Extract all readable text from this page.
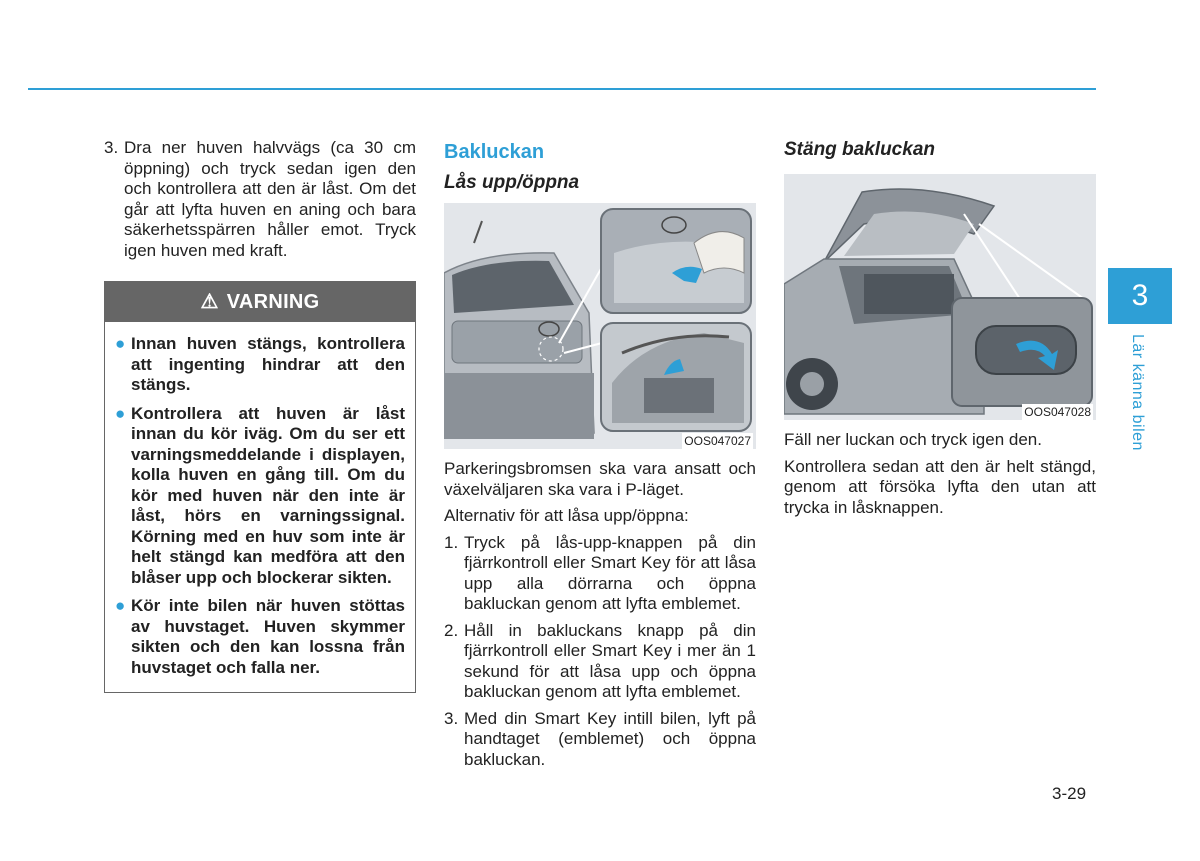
3. Dra ner huven halvvägs (ca 30 cm öppning) och tryck sedan igen den och kontrollera att den är låst. Om det går att lyfta huven en aning och bara säkerhetsspärren håller emot. Tryck igen huven med kraft.
⚠ VARNING
● Innan huven stängs, kontrollera att ingenting hindrar att den stängs.
● Kontrollera att huven är låst innan du kör iväg. Om du ser ett varningsmeddelande i displayen, kolla huven en gång till. Om du kör med huven när den inte är låst, hörs en varningssignal. Körning med en huv som inte är helt stängd kan medföra att den blåser upp och blockerar sikten.
● Kör inte bilen när huven stöttas av huvstaget. Huven skymmer sikten och den kan lossna från huvstaget och falla ner.
Bakluckan
Lås upp/öppna
OOS047027

Parkeringsbromsen ska vara ansatt och växelväljaren ska vara i P-läget.

Alternativ för att låsa upp/öppna:

1. Tryck på lås-upp-knappen på din fjärrkontroll eller Smart Key för att låsa upp alla dörrarna och öppna bakluckan genom att lyfta emblemet.
2. Håll in bakluckans knapp på din fjärrkontroll eller Smart Key i mer än 1 sekund för att låsa upp och öppna bakluckan genom att lyfta emblemet.
3. Med din Smart Key intill bilen, lyft på handtaget (emblemet) och öppna bakluckan.
Stäng bakluckan
OOS047028

Fäll ner luckan och tryck igen den.

Kontrollera sedan att den är helt stängd, genom att försöka lyfta den utan att trycka in låsknappen.

3
Lär känna bilen
3-29
